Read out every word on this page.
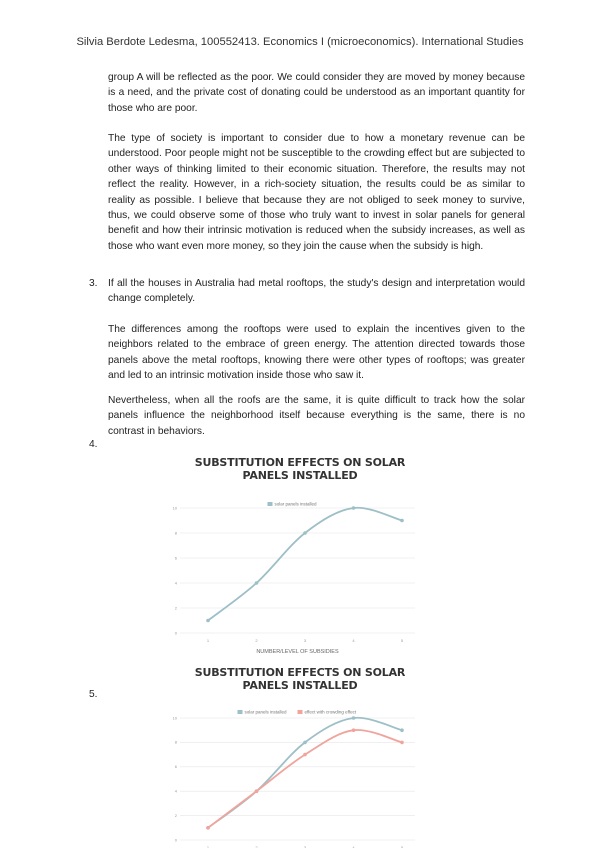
Silvia Berdote Ledesma, 100552413. Economics I (microeconomics). International Studies

group A will be reflected as the poor. We could consider they are moved by money because is a need, and the private cost of donating could be understood as an important quantity for those who are poor.

The type of society is important to consider due to how a monetary revenue can be understood. Poor people might not be susceptible to the crowding effect but are subjected to other ways of thinking limited to their economic situation. Therefore, the results may not reflect the reality. However, in a rich-society situation, the results could be as similar to reality as possible. I believe that because they are not obliged to seek money to survive, thus, we could observe some of those who truly want to invest in solar panels for general benefit and how their intrinsic motivation is reduced when the subsidy increases, as well as those who want even more money, so they join the cause when the subsidy is high.

3. If all the houses in Australia had metal rooftops, the study's design and interpretation would change completely.

The differences among the rooftops were used to explain the incentives given to the neighbors related to the embrace of green energy. The attention directed towards those panels above the metal rooftops, knowing there were other types of rooftops; was greater and led to an intrinsic motivation inside those who saw it.

Nevertheless, when all the roofs are the same, it is quite difficult to track how the solar panels influence the neighborhood itself because everything is the same, there is no contrast in behaviors.

4.
SUBSTITUTION EFFECTS ON SOLAR PANELS INSTALLED
0
2
4
6
8
10
1	2	3	4	5
NUMBER/LEVEL OF SUBSIDIES
solar panels installed
5.
SUBSTITUTION EFFECTS ON SOLAR PANELS INSTALLED
0
2
4
6
8
10
1	2	3	4	5
solar panels installed	effect with crowding effect
